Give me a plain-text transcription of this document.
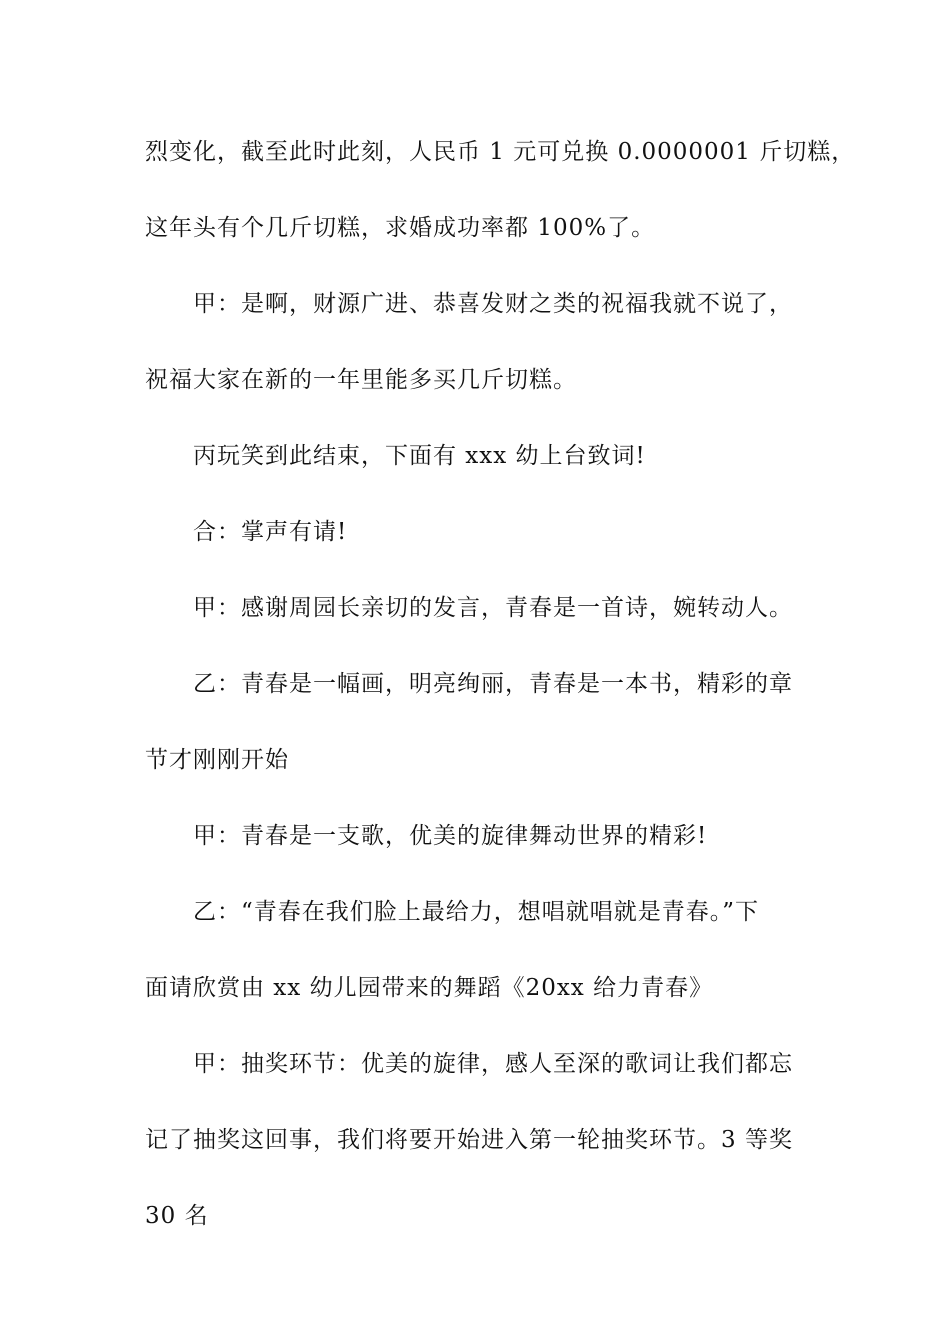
烈变化，截至此时此刻，人民币 1 元可兑换 0.0000001 斤切糕，
这年头有个几斤切糕，求婚成功率都 100%了。

甲：是啊，财源广进、恭喜发财之类的祝福我就不说了，
祝福大家在新的一年里能多买几斤切糕。

丙玩笑到此结束，下面有 xxx 幼上台致词!

合：掌声有请!

甲：感谢周园长亲切的发言，青春是一首诗，婉转动人。

乙：青春是一幅画，明亮绚丽，青春是一本书，精彩的章
节才刚刚开始

甲：青春是一支歌，优美的旋律舞动世界的精彩!

乙：“青春在我们脸上最给力，想唱就唱就是青春。”下
面请欣赏由 xx 幼儿园带来的舞蹈《20xx 给力青春》

甲：抽奖环节：优美的旋律，感人至深的歌词让我们都忘
记了抽奖这回事，我们将要开始进入第一轮抽奖环节。3 等奖
30 名
